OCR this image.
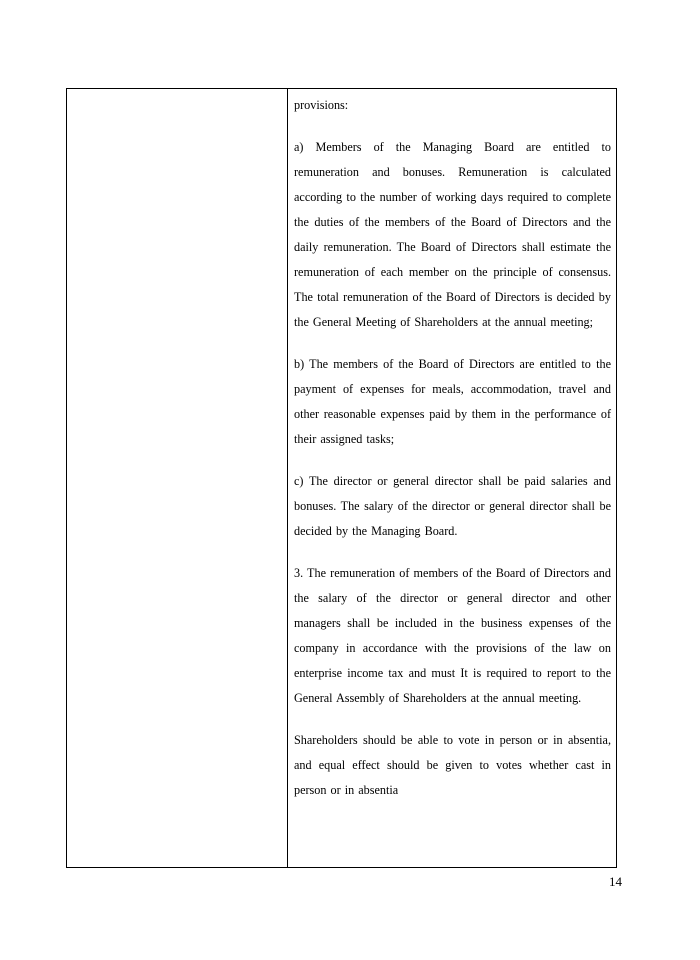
provisions:

a) Members of the Managing Board are entitled to remuneration and bonuses. Remuneration is calculated according to the number of working days required to complete the duties of the members of the Board of Directors and the daily remuneration. The Board of Directors shall estimate the remuneration of each member on the principle of consensus. The total remuneration of the Board of Directors is decided by the General Meeting of Shareholders at the annual meeting;

b) The members of the Board of Directors are entitled to the payment of expenses for meals, accommodation, travel and other reasonable expenses paid by them in the performance of their assigned tasks;

c) The director or general director shall be paid salaries and bonuses. The salary of the director or general director shall be decided by the Managing Board.

3. The remuneration of members of the Board of Directors and the salary of the director or general director and other managers shall be included in the business expenses of the company in accordance with the provisions of the law on enterprise income tax and must It is required to report to the General Assembly of Shareholders at the annual meeting.

Shareholders should be able to vote in person or in absentia, and equal effect should be given to votes whether cast in person or in absentia

14
